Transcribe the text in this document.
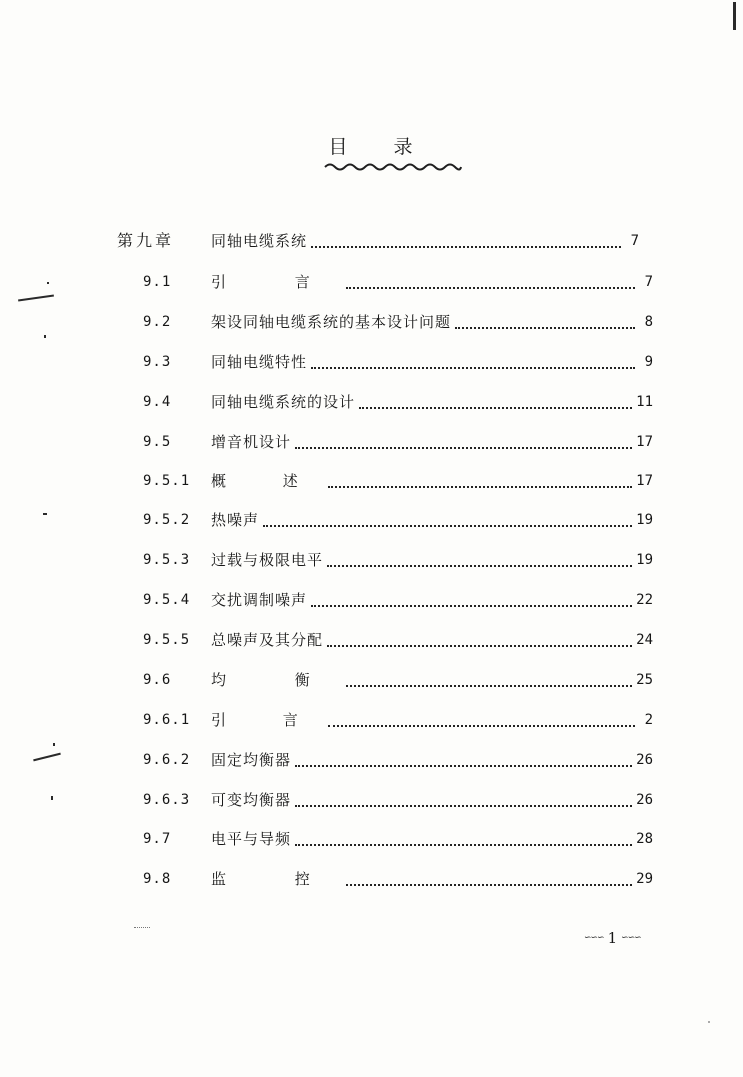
目 录
第九章	同轴电缆系统	7
9.1	引 言	7
9.2	架设同轴电缆系统的基本设计问题	8
9.3	同轴电缆特性	9
9.4	同轴电缆系统的设计	11
9.5	增音机设计	17
9.5.1	概 述	17
9.5.2	热噪声	19
9.5.3	过载与极限电平	19
9.5.4	交扰调制噪声	22
9.5.5	总噪声及其分配	24
9.6	均 衡	25
9.6.1	引 言	2
9.6.2	固定均衡器	26
9.6.3	可变均衡器	26
9.7	电平与导频	28
9.8	监 控	29
∽∽∽ 1 ∽∽∽
